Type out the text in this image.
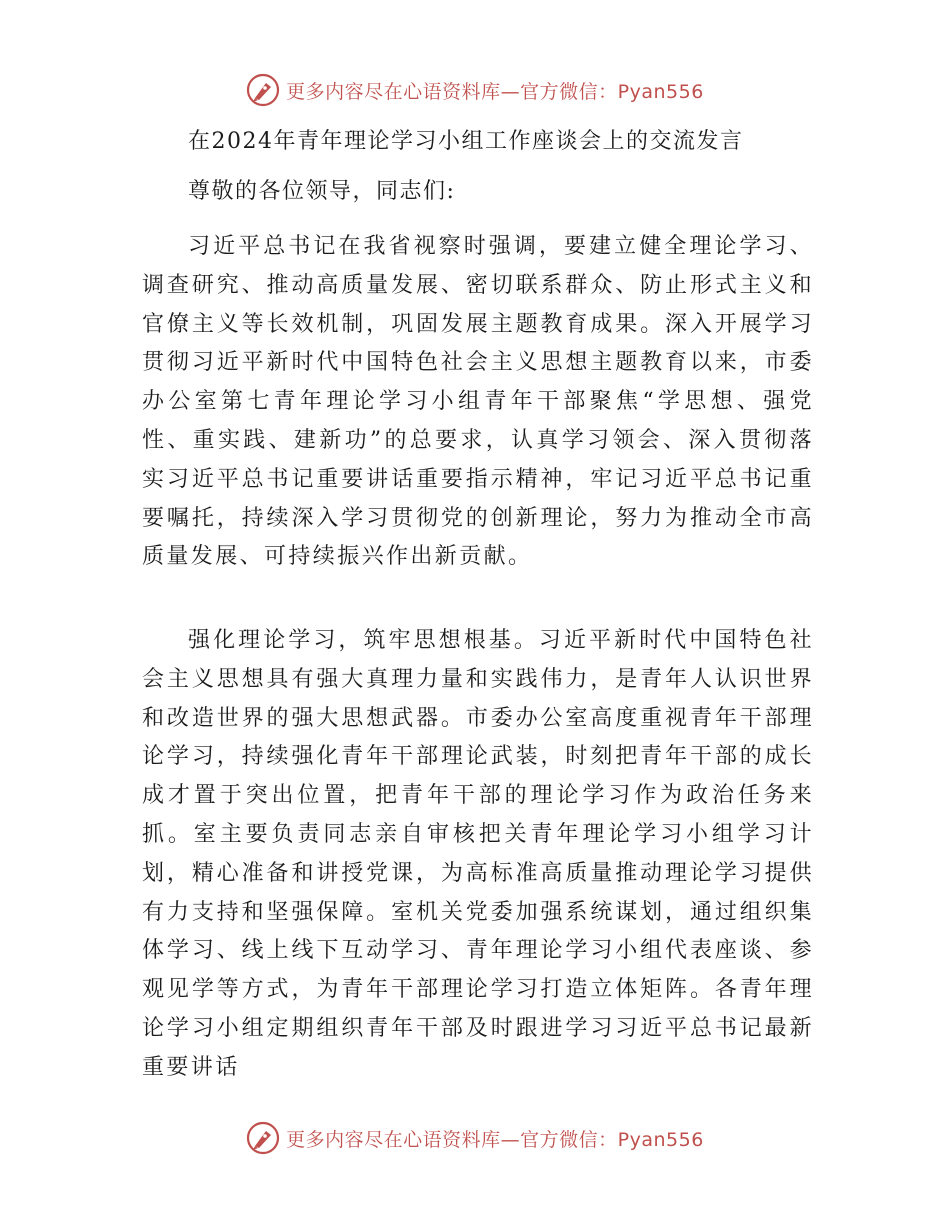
更多内容尽在心语资料库—官方微信：Pyan556
在2024年青年理论学习小组工作座谈会上的交流发言

尊敬的各位领导，同志们:

习近平总书记在我省视察时强调，要建立健全理论学习、调查研究、推动高质量发展、密切联系群众、防止形式主义和官僚主义等长效机制，巩固发展主题教育成果。深入开展学习贯彻习近平新时代中国特色社会主义思想主题教育以来，市委办公室第七青年理论学习小组青年干部聚焦“学思想、强党性、重实践、建新功”的总要求，认真学习领会、深入贯彻落实习近平总书记重要讲话重要指示精神，牢记习近平总书记重要嘱托，持续深入学习贯彻党的创新理论，努力为推动全市高质量发展、可持续振兴作出新贡献。

强化理论学习，筑牢思想根基。习近平新时代中国特色社会主义思想具有强大真理力量和实践伟力，是青年人认识世界和改造世界的强大思想武器。市委办公室高度重视青年干部理论学习，持续强化青年干部理论武装，时刻把青年干部的成长成才置于突出位置，把青年干部的理论学习作为政治任务来抓。室主要负责同志亲自审核把关青年理论学习小组学习计划，精心准备和讲授党课，为高标准高质量推动理论学习提供有力支持和坚强保障。室机关党委加强系统谋划，通过组织集体学习、线上线下互动学习、青年理论学习小组代表座谈、参观见学等方式，为青年干部理论学习打造立体矩阵。各青年理论学习小组定期组织青年干部及时跟进学习习近平总书记最新重要讲话

更多内容尽在心语资料库—官方微信：Pyan556
